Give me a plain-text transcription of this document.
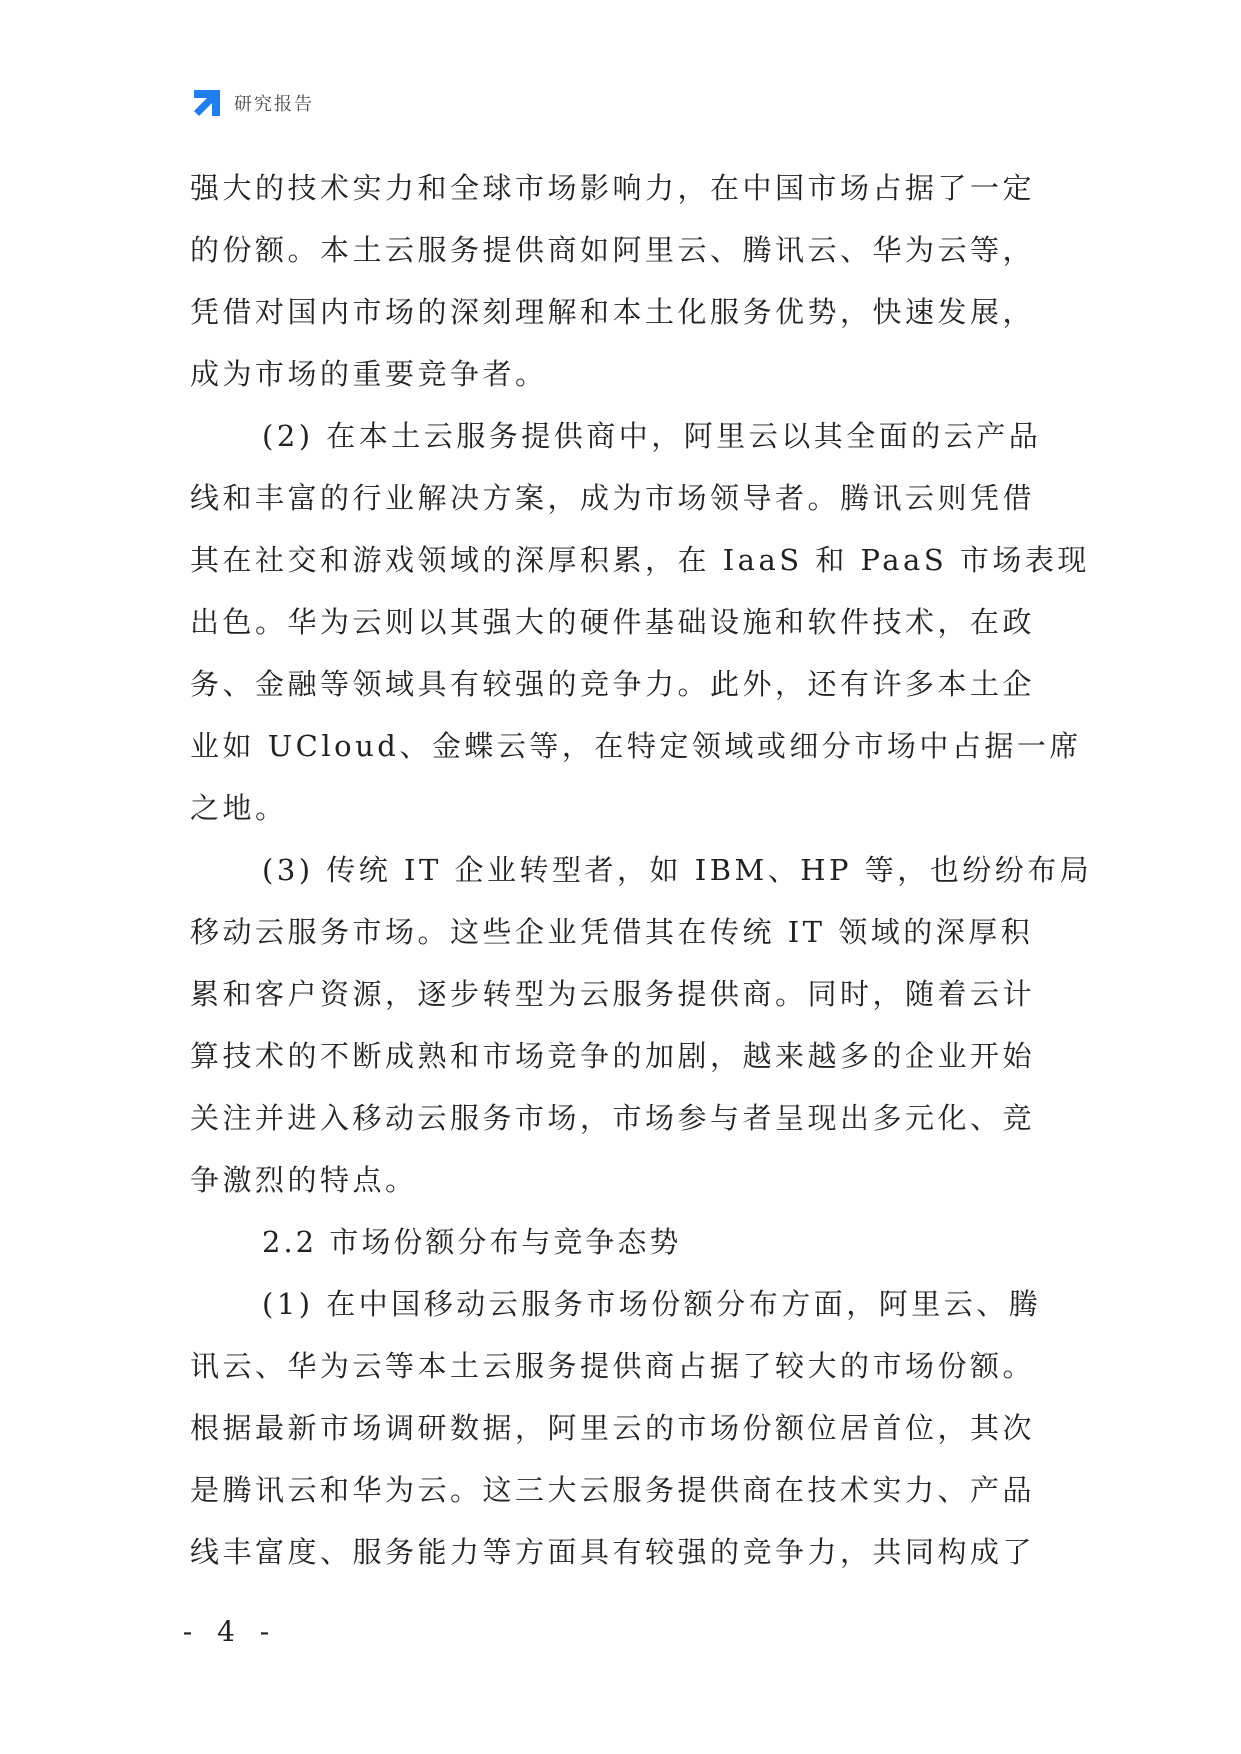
研究报告
强大的技术实力和全球市场影响力，在中国市场占据了一定
的份额。本土云服务提供商如阿里云、腾讯云、华为云等，
凭借对国内市场的深刻理解和本土化服务优势，快速发展，
成为市场的重要竞争者。
(2) 在本土云服务提供商中，阿里云以其全面的云产品
线和丰富的行业解决方案，成为市场领导者。腾讯云则凭借
其在社交和游戏领域的深厚积累，在 IaaS 和 PaaS 市场表现
出色。华为云则以其强大的硬件基础设施和软件技术，在政
务、金融等领域具有较强的竞争力。此外，还有许多本土企
业如 UCloud、金蝶云等，在特定领域或细分市场中占据一席
之地。
(3) 传统 IT 企业转型者，如 IBM、HP 等，也纷纷布局
移动云服务市场。这些企业凭借其在传统 IT 领域的深厚积
累和客户资源，逐步转型为云服务提供商。同时，随着云计
算技术的不断成熟和市场竞争的加剧，越来越多的企业开始
关注并进入移动云服务市场，市场参与者呈现出多元化、竞
争激烈的特点。
2.2 市场份额分布与竞争态势
(1) 在中国移动云服务市场份额分布方面，阿里云、腾
讯云、华为云等本土云服务提供商占据了较大的市场份额。
根据最新市场调研数据，阿里云的市场份额位居首位，其次
是腾讯云和华为云。这三大云服务提供商在技术实力、产品
线丰富度、服务能力等方面具有较强的竞争力，共同构成了
- 4 -
